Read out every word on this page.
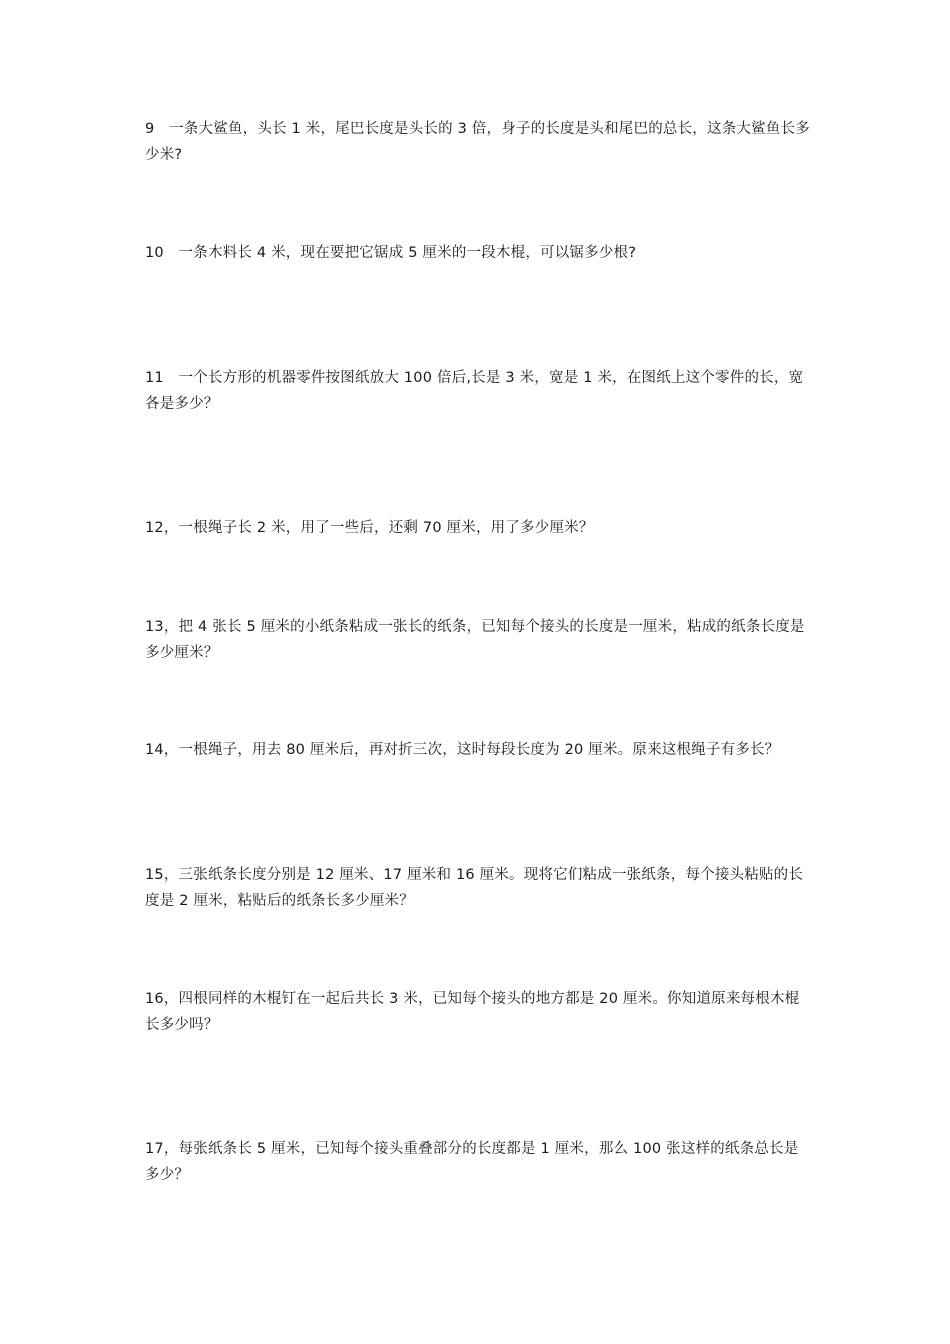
9　一条大鲨鱼，头长 1 米，尾巴长度是头长的 3 倍，身子的长度是头和尾巴的总长，这条大鲨鱼长多少米?

10　一条木料长 4 米，现在要把它锯成 5 厘米的一段木棍，可以锯多少根?

11　一个长方形的机器零件按图纸放大 100 倍后,长是 3 米，宽是 1 米，在图纸上这个零件的长，宽各是多少？

12，一根绳子长 2 米，用了一些后，还剩 70 厘米，用了多少厘米？

13，把 4 张长 5 厘米的小纸条粘成一张长的纸条，已知每个接头的长度是一厘米，粘成的纸条长度是多少厘米？

14，一根绳子，用去 80 厘米后，再对折三次，这时每段长度为 20 厘米。原来这根绳子有多长？

15，三张纸条长度分别是 12 厘米、17 厘米和 16 厘米。现将它们粘成一张纸条，每个接头粘贴的长度是 2 厘米，粘贴后的纸条长多少厘米？

16，四根同样的木棍钉在一起后共长 3 米，已知每个接头的地方都是 20 厘米。你知道原来每根木棍长多少吗？

17，每张纸条长 5 厘米，已知每个接头重叠部分的长度都是 1 厘米，那么 100 张这样的纸条总长是多少？
